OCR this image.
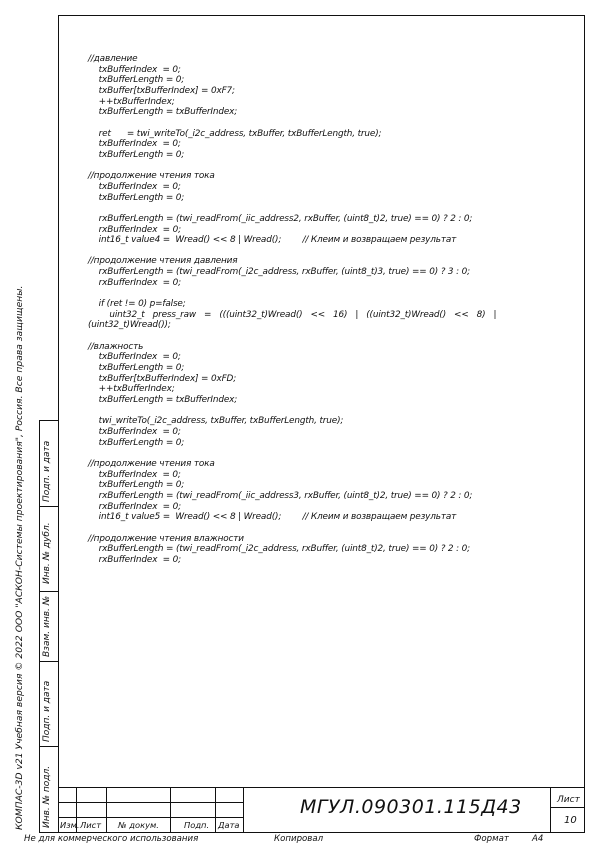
//давление
txBufferIndex  = 0;
txBufferLength = 0;
txBuffer[txBufferIndex] = 0xF7;
++txBufferIndex;
txBufferLength = txBufferIndex;

ret      = twi_writeTo(_i2c_address, txBuffer, txBufferLength, true);
txBufferIndex  = 0;
txBufferLength = 0;

//продолжение чтения тока
txBufferIndex  = 0;
txBufferLength = 0;

rxBufferLength = (twi_readFrom(_iic_address2, rxBuffer, (uint8_t)2, true) == 0) ? 2 : 0;
rxBufferIndex  = 0;
int16_t value4 =  Wread() << 8 | Wread();        // Клеим и возвращаем результат

//продолжение чтения давления
rxBufferLength = (twi_readFrom(_i2c_address, rxBuffer, (uint8_t)3, true) == 0) ? 3 : 0;
rxBufferIndex  = 0;

if (ret != 0) p=false;
uint32_t   press_raw   =   (((uint32_t)Wread()   <<   16)   |   ((uint32_t)Wread()   <<   8)   |
(uint32_t)Wread());

//влажность
txBufferIndex  = 0;
txBufferLength = 0;
txBuffer[txBufferIndex] = 0xFD;
++txBufferIndex;
txBufferLength = txBufferIndex;

twi_writeTo(_i2c_address, txBuffer, txBufferLength, true);
txBufferIndex  = 0;
txBufferLength = 0;

//продолжение чтения тока
txBufferIndex  = 0;
txBufferLength = 0;
rxBufferLength = (twi_readFrom(_iic_address3, rxBuffer, (uint8_t)2, true) == 0) ? 2 : 0;
rxBufferIndex  = 0;
int16_t value5 =  Wread() << 8 | Wread();        // Клеим и возвращаем результат

//продолжение чтения влажности
rxBufferLength = (twi_readFrom(_i2c_address, rxBuffer, (uint8_t)2, true) == 0) ? 2 : 0;
rxBufferIndex  = 0;
КОМПАС-3D v21 Учебная версия © 2022 ООО "АСКОН-Системы проектирования", Россия. Все права защищены. Подп. и дата
Инв. № дубл.
Взам. инв. №
Подп. и дата
Инв. № подл. Изм. Лист № докум.	Подп. Дата
МГУЛ.090301.115Д43	Лист
10
Не для коммерческого использования	Копировал	Формат	А4
